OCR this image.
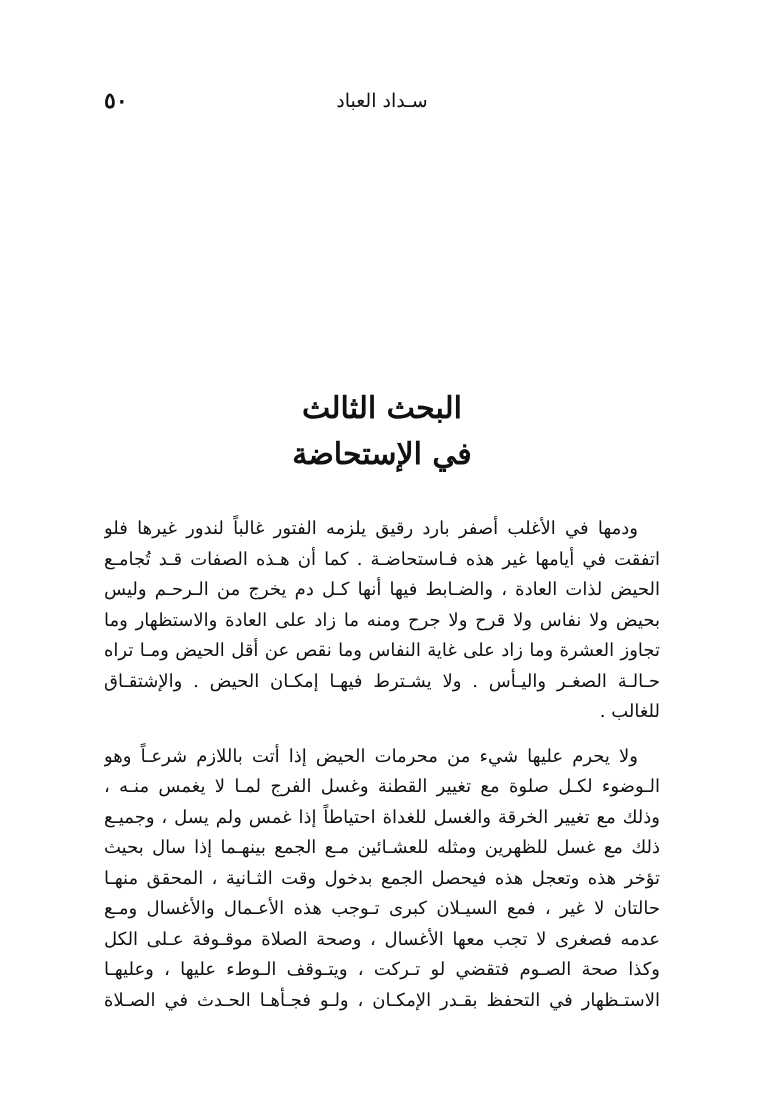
٥٠	سـداد العباد
البحث الثالث
في الإستحاضة

ودمها في الأغلب أصفر بارد رقيق يلزمه الفتور غالباً لندور غيرها فلو
اتفقت في أيامها غير هذه فـاستحاضـة . كما أن هـذه الصفات قـد تُجامـع
الحيض لذات العادة ، والضـابط فيها أنها كـل دم يخرج من الـرحـم وليس
بحيض ولا نفاس ولا قرح ولا جرح ومنه ما زاد على العادة والاستظهار وما
تجاوز العشرة وما زاد على غاية النفاس وما نقص عن أقل الحيض ومـا تراه
حـالـة الصغـر واليـأس . ولا يشـترط فيهـا إمكـان الحيض . والإشتقـاق
للغالب .

ولا يحرم عليها شيء من محرمات الحيض إذا أتت باللازم شرعـاً وهو
الـوضوء لكـل صلوة مع تغيير القطنة وغسل الفرج لمـا لا يغمس منـه ،
وذلك مع تغيير الخرقة والغسل للغداة احتياطاً إذا غمس ولم يسل ، وجميـع
ذلك مع غسل للظهرين ومثله للعشـائين مـع الجمع بينهـما إذا سال بحيث
تؤخر هذه وتعجل هذه فيحصل الجمع بدخول وقت الثـانية ، المحقق منهـا
حالتان لا غير ، فمع السيـلان كبرى تـوجب هذه الأعـمال والأغسال ومـع
عدمه فصغرى لا تجب معها الأغسال ، وصحة الصلاة موقـوفة عـلى الكل
وكذا صحة الصـوم فتقضي لو تـركت ، ويتـوقف الـوطء عليها ، وعليهـا
الاستـظهار في التحفظ بقـدر الإمكـان ، ولـو فجـأهـا الحـدث في الصـلاة
